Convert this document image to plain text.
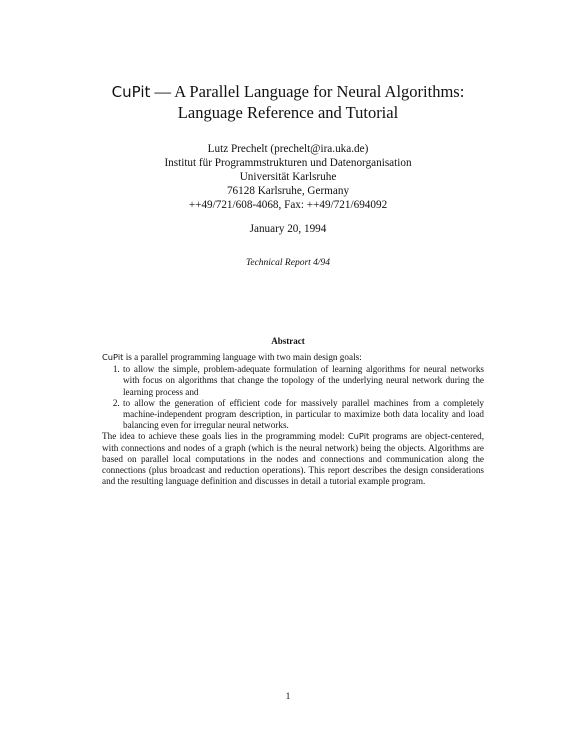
CuPit — A Parallel Language for Neural Algorithms:
Language Reference and Tutorial
Lutz Prechelt (prechelt@ira.uka.de)
Institut für Programmstrukturen und Datenorganisation
Universität Karlsruhe
76128 Karlsruhe, Germany
++49/721/608-4068, Fax: ++49/721/694092
January 20, 1994
Technical Report 4/94
Abstract

CuPit is a parallel programming language with two main design goals:

1. to allow the simple, problem-adequate formulation of learning algorithms for neural networks with focus on algorithms that change the topology of the underlying neural network during the learning process and
2. to allow the generation of efficient code for massively parallel machines from a completely machine-independent program description, in particular to maximize both data locality and load balancing even for irregular neural networks.

The idea to achieve these goals lies in the programming model: CuPit programs are object-centered, with connections and nodes of a graph (which is the neural network) being the objects. Algorithms are based on parallel local computations in the nodes and connections and communication along the connections (plus broadcast and reduction operations). This report describes the design considerations and the resulting language definition and discusses in detail a tutorial example program.

1
